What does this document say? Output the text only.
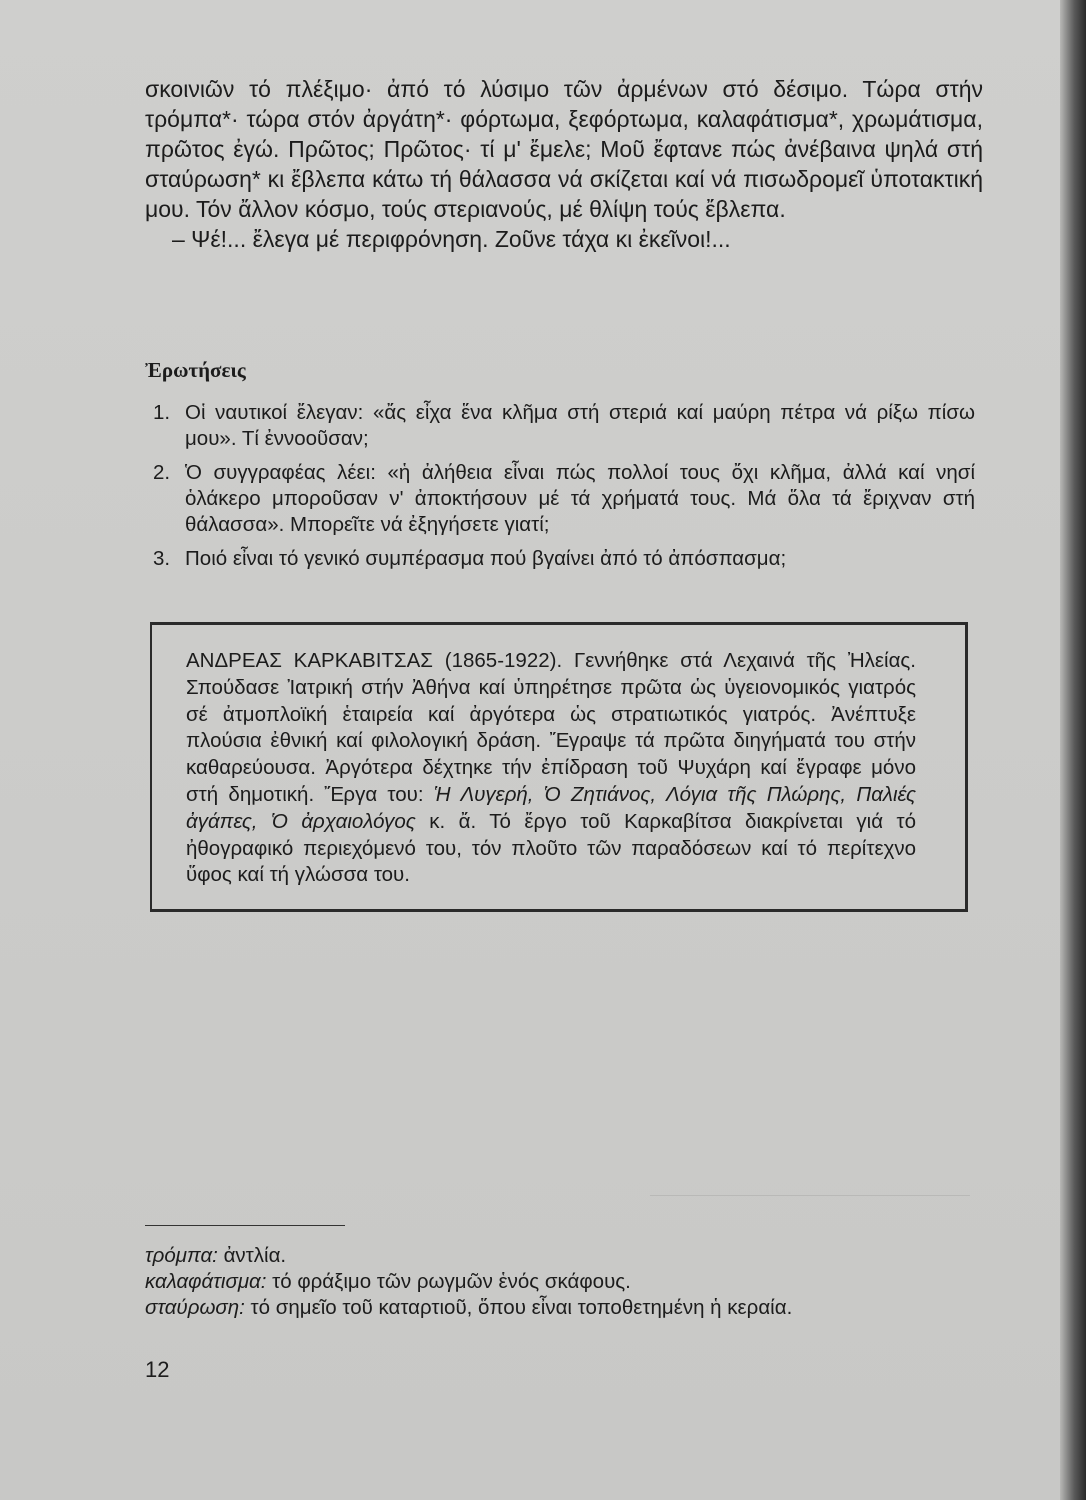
σκοινιῶν τό πλέξιμο· ἀπό τό λύσιμο τῶν ἀρμένων στό δέσιμο. Τώρα στήν τρόμπα*· τώρα στόν ἀργάτη*· φόρτωμα, ξεφόρτωμα, καλαφάτισμα*, χρωμάτισμα, πρῶτος ἐγώ. Πρῶτος; Πρῶτος· τί μ' ἔμελε; Μοῦ ἔφτανε πώς ἀνέβαινα ψηλά στή σταύρωση* κι ἔβλεπα κάτω τή θάλασσα νά σκίζεται καί νά πισωδρομεῖ ὑποτακτική μου. Τόν ἄλλον κόσμο, τούς στεριανούς, μέ θλίψη τούς ἔβλεπα.

– Ψέ!... ἔλεγα μέ περιφρόνηση. Ζοῦνε τάχα κι ἐκεῖνοι!...

Ἐρωτήσεις
1. Οἱ ναυτικοί ἔλεγαν: «ἄς εἶχα ἕνα κλῆμα στή στεριά καί μαύρη πέτρα νά ρίξω πίσω μου». Τί ἐννοοῦσαν;
2. Ὁ συγγραφέας λέει: «ἡ ἀλήθεια εἶναι πώς πολλοί τους ὄχι κλῆμα, ἀλλά καί νησί ὁλάκερο μποροῦσαν ν' ἀποκτήσουν μέ τά χρήματά τους. Μά ὅλα τά ἔριχναν στή θάλασσα». Μπορεῖτε νά ἐξηγήσετε γιατί;
3. Ποιό εἶναι τό γενικό συμπέρασμα πού βγαίνει ἀπό τό ἀπόσπασμα;
ΑΝΔΡΕΑΣ ΚΑΡΚΑΒΙΤΣΑΣ (1865-1922). Γεννήθηκε στά Λεχαινά τῆς Ἠλείας. Σπούδασε Ἰατρική στήν Ἀθήνα καί ὑπηρέτησε πρῶτα ὡς ὑγειονομικός γιατρός σέ ἀτμοπλοϊκή ἑταιρεία καί ἀργότερα ὡς στρατιωτικός γιατρός. Ἀνέπτυξε πλούσια ἐθνική καί φιλολογική δράση. Ἔγραψε τά πρῶτα διηγήματά του στήν καθαρεύουσα. Ἀργότερα δέχτηκε τήν ἐπίδραση τοῦ Ψυχάρη καί ἔγραφε μόνο στή δημοτική. Ἔργα του: Ἡ Λυγερή, Ὁ Ζητιάνος, Λόγια τῆς Πλώρης, Παλιές ἀγάπες, Ὁ ἀρχαιολόγος κ. ἄ. Τό ἔργο τοῦ Καρκαβίτσα διακρίνεται γιά τό ἠθογραφικό περιεχόμενό του, τόν πλοῦτο τῶν παραδόσεων καί τό περίτεχνο ὕφος καί τή γλώσσα του.
τρόμπα: ἀντλία.
καλαφάτισμα: τό φράξιμο τῶν ρωγμῶν ἑνός σκάφους.
σταύρωση: τό σημεῖο τοῦ καταρτιοῦ, ὅπου εἶναι τοποθετημένη ἡ κεραία.
12
